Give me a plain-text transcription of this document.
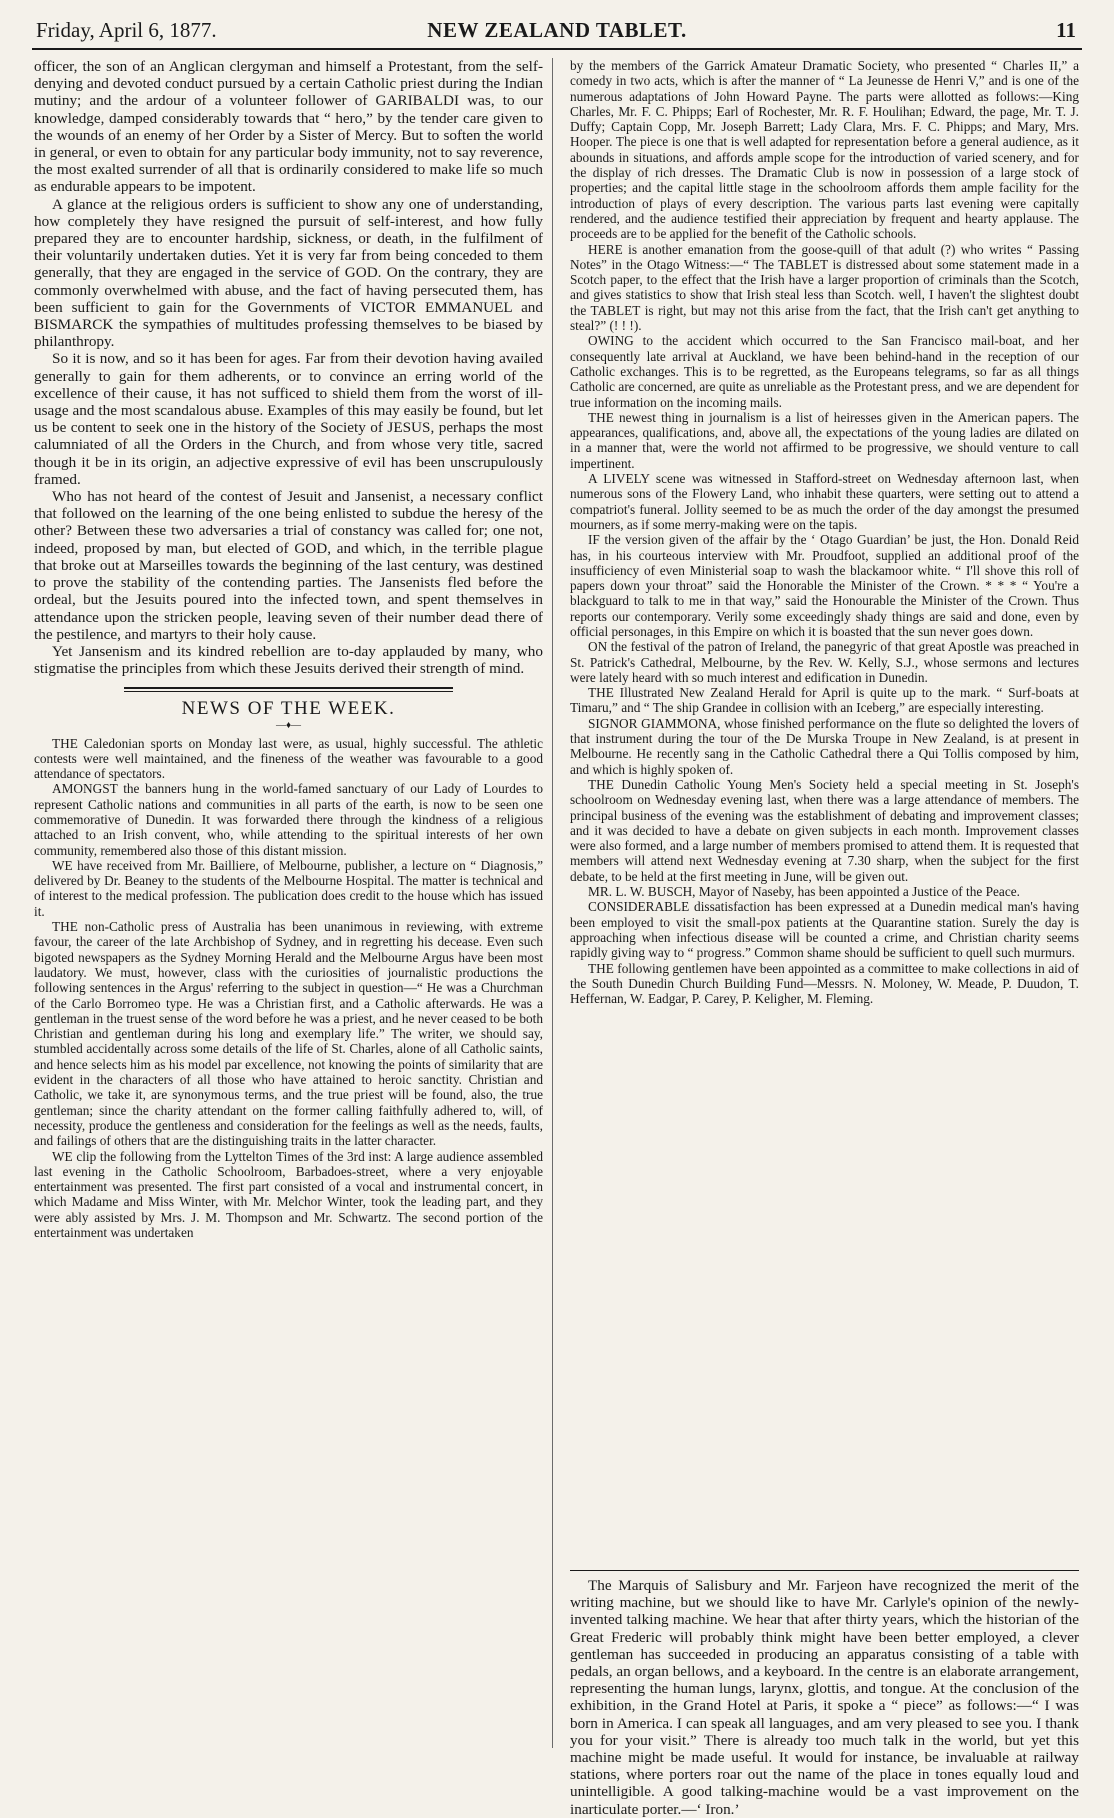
Friday, April 6, 1877.	NEW ZEALAND TABLET.	11

officer, the son of an Anglican clergyman and himself a Protestant, from the self-denying and devoted conduct pursued by a certain Catholic priest during the Indian mutiny; and the ardour of a volunteer follower of GARIBALDI was, to our knowledge, damped considerably towards that “ hero,” by the tender care given to the wounds of an enemy of her Order by a Sister of Mercy. But to soften the world in general, or even to obtain for any particular body immunity, not to say reverence, the most exalted surrender of all that is ordinarily considered to make life so much as endurable appears to be impotent.

A glance at the religious orders is sufficient to show any one of understanding, how completely they have resigned the pursuit of self-interest, and how fully prepared they are to encounter hardship, sickness, or death, in the fulfilment of their voluntarily undertaken duties. Yet it is very far from being conceded to them generally, that they are engaged in the service of GOD. On the contrary, they are commonly overwhelmed with abuse, and the fact of having persecuted them, has been sufficient to gain for the Governments of VICTOR EMMANUEL and BISMARCK the sympathies of multitudes professing themselves to be biased by philanthropy.

So it is now, and so it has been for ages. Far from their devotion having availed generally to gain for them adherents, or to convince an erring world of the excellence of their cause, it has not sufficed to shield them from the worst of ill-usage and the most scandalous abuse. Examples of this may easily be found, but let us be content to seek one in the history of the Society of JESUS, perhaps the most calumniated of all the Orders in the Church, and from whose very title, sacred though it be in its origin, an adjective expressive of evil has been unscrupulously framed.

Who has not heard of the contest of Jesuit and Jansenist, a necessary conflict that followed on the learning of the one being enlisted to subdue the heresy of the other? Between these two adversaries a trial of constancy was called for; one not, indeed, proposed by man, but elected of GOD, and which, in the terrible plague that broke out at Marseilles towards the beginning of the last century, was destined to prove the stability of the contending parties. The Jansenists fled before the ordeal, but the Jesuits poured into the infected town, and spent themselves in attendance upon the stricken people, leaving seven of their number dead there of the pestilence, and martyrs to their holy cause.

Yet Jansenism and its kindred rebellion are to-day applauded by many, who stigmatise the principles from which these Jesuits derived their strength of mind.

NEWS OF THE WEEK.
—♦—

THE Caledonian sports on Monday last were, as usual, highly successful. The athletic contests were well maintained, and the fineness of the weather was favourable to a good attendance of spectators.

AMONGST the banners hung in the world-famed sanctuary of our Lady of Lourdes to represent Catholic nations and communities in all parts of the earth, is now to be seen one commemorative of Dunedin. It was forwarded there through the kindness of a religious attached to an Irish convent, who, while attending to the spiritual interests of her own community, remembered also those of this distant mission.

WE have received from Mr. Bailliere, of Melbourne, publisher, a lecture on “ Diagnosis,” delivered by Dr. Beaney to the students of the Melbourne Hospital. The matter is technical and of interest to the medical profession. The publication does credit to the house which has issued it.

THE non-Catholic press of Australia has been unanimous in reviewing, with extreme favour, the career of the late Archbishop of Sydney, and in regretting his decease. Even such bigoted newspapers as the Sydney Morning Herald and the Melbourne Argus have been most laudatory. We must, however, class with the curiosities of journalistic productions the following sentences in the Argus' referring to the subject in question—“ He was a Churchman of the Carlo Borromeo type. He was a Christian first, and a Catholic afterwards. He was a gentleman in the truest sense of the word before he was a priest, and he never ceased to be both Christian and gentleman during his long and exemplary life.” The writer, we should say, stumbled accidentally across some details of the life of St. Charles, alone of all Catholic saints, and hence selects him as his model par excellence, not knowing the points of similarity that are evident in the characters of all those who have attained to heroic sanctity. Christian and Catholic, we take it, are synonymous terms, and the true priest will be found, also, the true gentleman; since the charity attendant on the former calling faithfully adhered to, will, of necessity, produce the gentleness and consideration for the feelings as well as the needs, faults, and failings of others that are the distinguishing traits in the latter character.

WE clip the following from the Lyttelton Times of the 3rd inst: A large audience assembled last evening in the Catholic Schoolroom, Barbadoes-street, where a very enjoyable entertainment was presented. The first part consisted of a vocal and instrumental concert, in which Madame and Miss Winter, with Mr. Melchor Winter, took the leading part, and they were ably assisted by Mrs. J. M. Thompson and Mr. Schwartz. The second portion of the entertainment was undertaken

by the members of the Garrick Amateur Dramatic Society, who presented “ Charles II,” a comedy in two acts, which is after the manner of “ La Jeunesse de Henri V,” and is one of the numerous adaptations of John Howard Payne. The parts were allotted as follows:—King Charles, Mr. F. C. Phipps; Earl of Rochester, Mr. R. F. Houlihan; Edward, the page, Mr. T. J. Duffy; Captain Copp, Mr. Joseph Barrett; Lady Clara, Mrs. F. C. Phipps; and Mary, Mrs. Hooper. The piece is one that is well adapted for representation before a general audience, as it abounds in situations, and affords ample scope for the introduction of varied scenery, and for the display of rich dresses. The Dramatic Club is now in possession of a large stock of properties; and the capital little stage in the schoolroom affords them ample facility for the introduction of plays of every description. The various parts last evening were capitally rendered, and the audience testified their appreciation by frequent and hearty applause. The proceeds are to be applied for the benefit of the Catholic schools.

HERE is another emanation from the goose-quill of that adult (?) who writes “ Passing Notes” in the Otago Witness:—“ The TABLET is distressed about some statement made in a Scotch paper, to the effect that the Irish have a larger proportion of criminals than the Scotch, and gives statistics to show that Irish steal less than Scotch. well, I haven't the slightest doubt the TABLET is right, but may not this arise from the fact, that the Irish can't get anything to steal?” (! ! !).

OWING to the accident which occurred to the San Francisco mail-boat, and her consequently late arrival at Auckland, we have been behind-hand in the reception of our Catholic exchanges. This is to be regretted, as the Europeans telegrams, so far as all things Catholic are concerned, are quite as unreliable as the Protestant press, and we are dependent for true information on the incoming mails.

THE newest thing in journalism is a list of heiresses given in the American papers. The appearances, qualifications, and, above all, the expectations of the young ladies are dilated on in a manner that, were the world not affirmed to be progressive, we should venture to call impertinent.

A LIVELY scene was witnessed in Stafford-street on Wednesday afternoon last, when numerous sons of the Flowery Land, who inhabit these quarters, were setting out to attend a compatriot's funeral. Jollity seemed to be as much the order of the day amongst the presumed mourners, as if some merry-making were on the tapis.

IF the version given of the affair by the ‘ Otago Guardian’ be just, the Hon. Donald Reid has, in his courteous interview with Mr. Proudfoot, supplied an additional proof of the insufficiency of even Ministerial soap to wash the blackamoor white. “ I'll shove this roll of papers down your throat” said the Honorable the Minister of the Crown. * * * “ You're a blackguard to talk to me in that way,” said the Honourable the Minister of the Crown. Thus reports our contemporary. Verily some exceedingly shady things are said and done, even by official personages, in this Empire on which it is boasted that the sun never goes down.

ON the festival of the patron of Ireland, the panegyric of that great Apostle was preached in St. Patrick's Cathedral, Melbourne, by the Rev. W. Kelly, S.J., whose sermons and lectures were lately heard with so much interest and edification in Dunedin.

THE Illustrated New Zealand Herald for April is quite up to the mark. “ Surf-boats at Timaru,” and “ The ship Grandee in collision with an Iceberg,” are especially interesting.

SIGNOR GIAMMONA, whose finished performance on the flute so delighted the lovers of that instrument during the tour of the De Murska Troupe in New Zealand, is at present in Melbourne. He recently sang in the Catholic Cathedral there a Qui Tollis composed by him, and which is highly spoken of.

THE Dunedin Catholic Young Men's Society held a special meeting in St. Joseph's schoolroom on Wednesday evening last, when there was a large attendance of members. The principal business of the evening was the establishment of debating and improvement classes; and it was decided to have a debate on given subjects in each month. Improvement classes were also formed, and a large number of members promised to attend them. It is requested that members will attend next Wednesday evening at 7.30 sharp, when the subject for the first debate, to be held at the first meeting in June, will be given out.

MR. L. W. BUSCH, Mayor of Naseby, has been appointed a Justice of the Peace.

CONSIDERABLE dissatisfaction has been expressed at a Dunedin medical man's having been employed to visit the small-pox patients at the Quarantine station. Surely the day is approaching when infectious disease will be counted a crime, and Christian charity seems rapidly giving way to “ progress.” Common shame should be sufficient to quell such murmurs.

THE following gentlemen have been appointed as a committee to make collections in aid of the South Dunedin Church Building Fund—Messrs. N. Moloney, W. Meade, P. Duudon, T. Heffernan, W. Eadgar, P. Carey, P. Keligher, M. Fleming.

The Marquis of Salisbury and Mr. Farjeon have recognized the merit of the writing machine, but we should like to have Mr. Carlyle's opinion of the newly-invented talking machine. We hear that after thirty years, which the historian of the Great Frederic will probably think might have been better employed, a clever gentleman has succeeded in producing an apparatus consisting of a table with pedals, an organ bellows, and a keyboard. In the centre is an elaborate arrangement, representing the human lungs, larynx, glottis, and tongue. At the conclusion of the exhibition, in the Grand Hotel at Paris, it spoke a “ piece” as follows:—“ I was born in America. I can speak all languages, and am very pleased to see you. I thank you for your visit.” There is already too much talk in the world, but yet this machine might be made useful. It would for instance, be invaluable at railway stations, where porters roar out the name of the place in tones equally loud and unintelligible. A good talking-machine would be a vast improvement on the inarticulate porter.—‘ Iron.’
